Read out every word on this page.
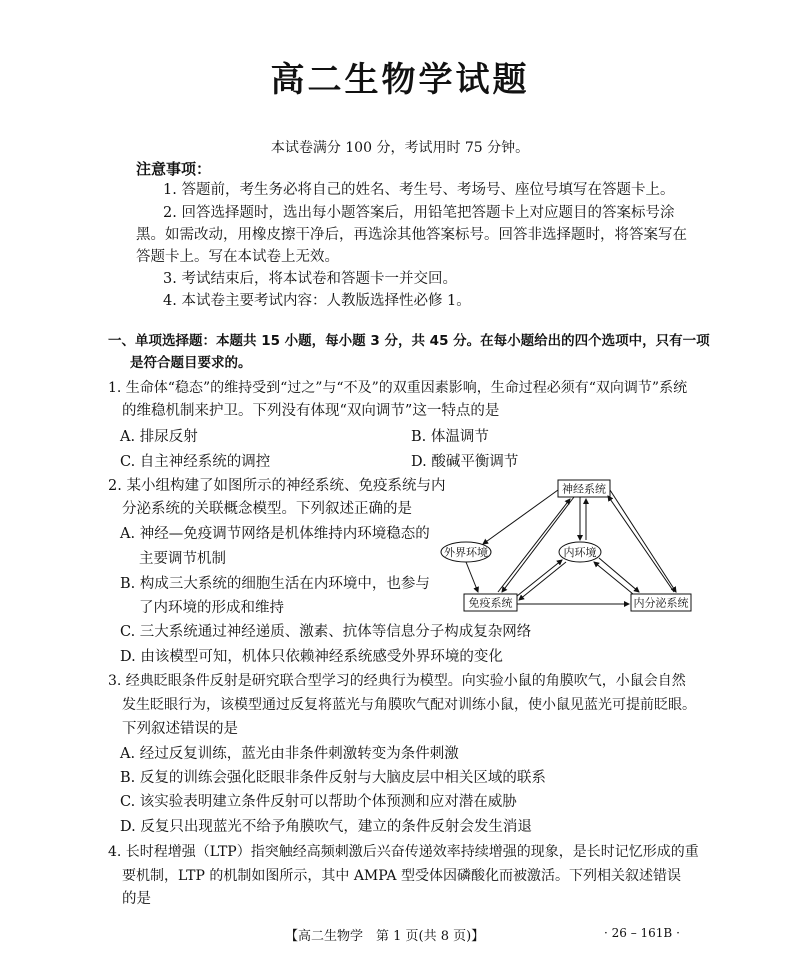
高二生物学试题
本试卷满分 100 分，考试用时 75 分钟。
注意事项：
1. 答题前，考生务必将自己的姓名、考生号、考场号、座位号填写在答题卡上。
2. 回答选择题时，选出每小题答案后，用铅笔把答题卡上对应题目的答案标号涂
黑。如需改动，用橡皮擦干净后，再选涂其他答案标号。回答非选择题时，将答案写在
答题卡上。写在本试卷上无效。
3. 考试结束后，将本试卷和答题卡一并交回。
4. 本试卷主要考试内容：人教版选择性必修 1。
一、单项选择题：本题共 15 小题，每小题 3 分，共 45 分。在每小题给出的四个选项中，只有一项
是符合题目要求的。
1. 生命体“稳态”的维持受到“过之”与“不及”的双重因素影响，生命过程必须有“双向调节”系统
的维稳机制来护卫。下列没有体现“双向调节”这一特点的是
A. 排尿反射	B. 体温调节
C. 自主神经系统的调控	D. 酸碱平衡调节
2. 某小组构建了如图所示的神经系统、免疫系统与内
分泌系统的关联概念模型。下列叙述正确的是
A. 神经—免疫调节网络是机体维持内环境稳态的
主要调节机制
B. 构成三大系统的细胞生活在内环境中，也参与
了内环境的形成和维持
C. 三大系统通过神经递质、激素、抗体等信息分子构成复杂网络
D. 由该模型可知，机体只依赖神经系统感受外界环境的变化
神经系统
外界环境	内环境
免疫系统	内分泌系统
3. 经典眨眼条件反射是研究联合型学习的经典行为模型。向实验小鼠的角膜吹气，小鼠会自然
发生眨眼行为，该模型通过反复将蓝光与角膜吹气配对训练小鼠，使小鼠见蓝光可提前眨眼。
下列叙述错误的是
A. 经过反复训练，蓝光由非条件刺激转变为条件刺激
B. 反复的训练会强化眨眼非条件反射与大脑皮层中相关区域的联系
C. 该实验表明建立条件反射可以帮助个体预测和应对潜在威胁
D. 反复只出现蓝光不给予角膜吹气，建立的条件反射会发生消退
4. 长时程增强（LTP）指突触经高频刺激后兴奋传递效率持续增强的现象，是长时记忆形成的重
要机制，LTP 的机制如图所示，其中 AMPA 型受体因磷酸化而被激活。下列相关叙述错误
的是
【高二生物学　第 1 页(共 8 页)】	· 26 – 161B ·
